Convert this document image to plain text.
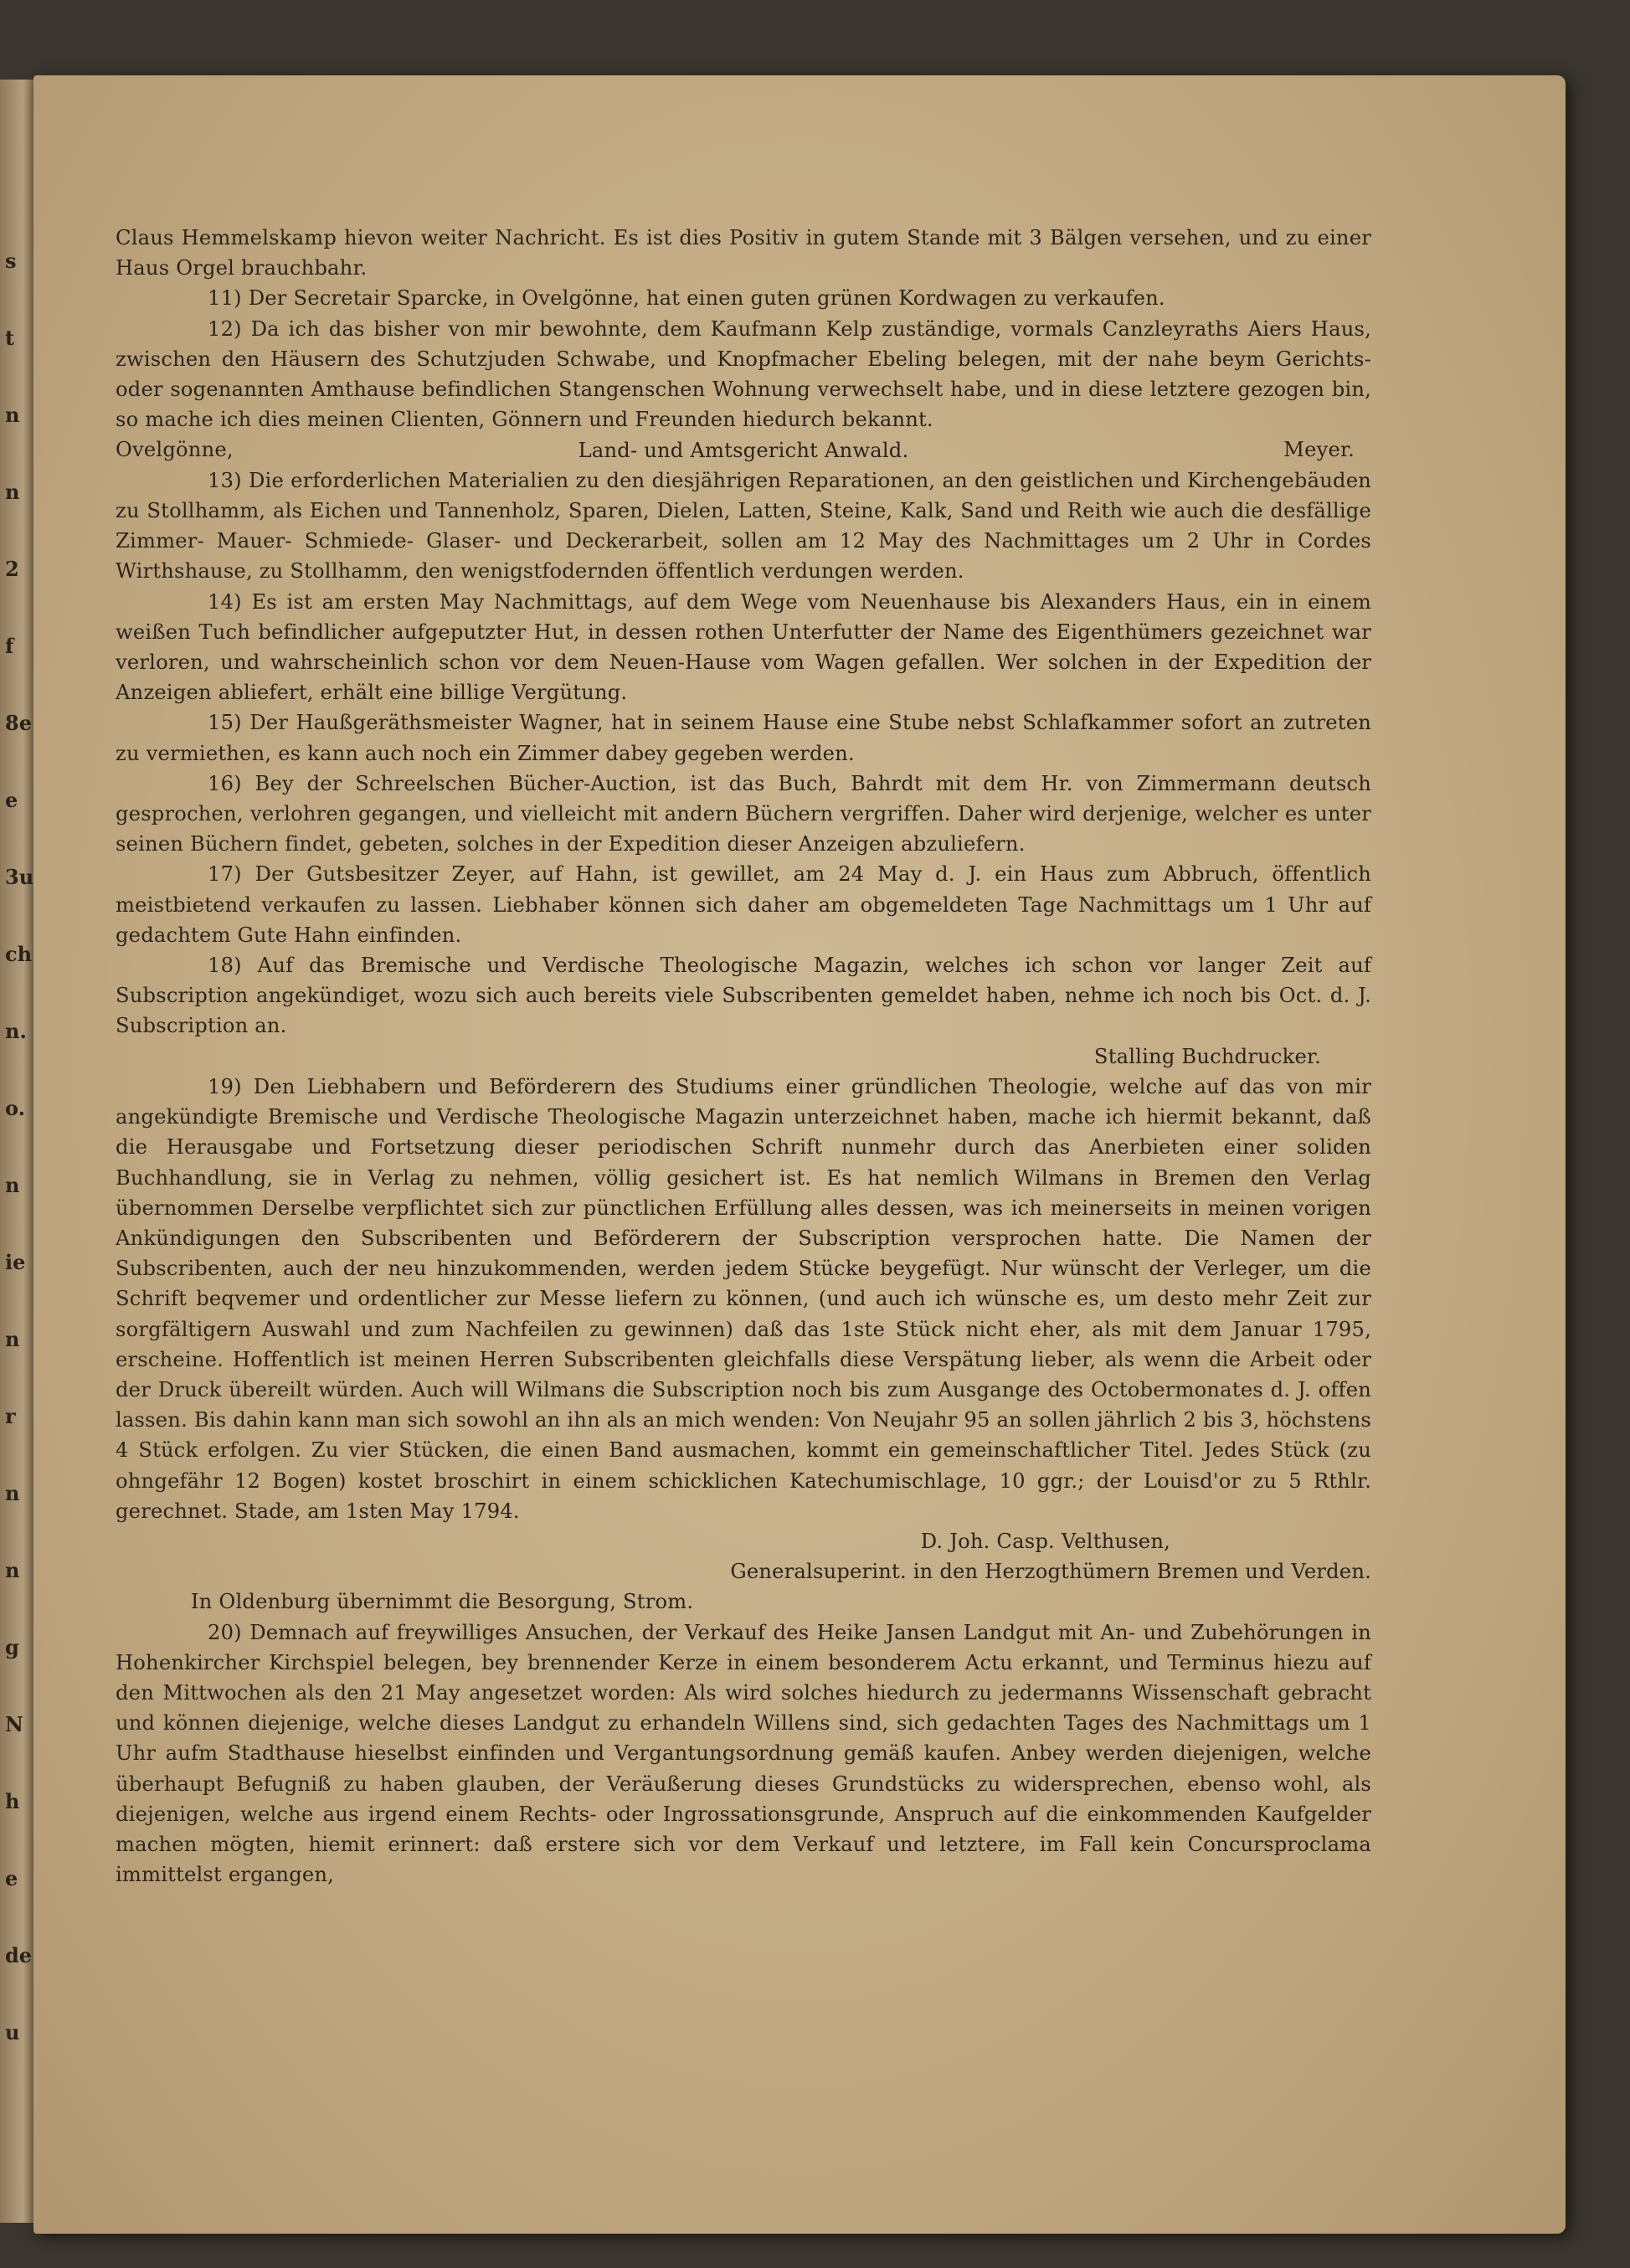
s
t
n
n
2
f
8e
e
3u
ch
n.
o.
n
ie
n
r
n
n
g
N
h
e
de
u

Claus Hemmelskamp hievon weiter Nachricht. Es ist dies Positiv in gutem Stande mit 3 Bälgen versehen, und zu einer Haus Orgel brauchbahr.

11) Der Secretair Sparcke, in Ovelgönne, hat einen guten grünen Kordwagen zu verkaufen.

12) Da ich das bisher von mir bewohnte, dem Kaufmann Kelp zuständige, vormals Canzleyraths Aiers Haus, zwischen den Häusern des Schutzjuden Schwabe, und Knopfmacher Ebeling belegen, mit der nahe beym Gerichts- oder sogenannten Amthause befindlichen Stangenschen Wohnung verwechselt habe, und in diese letztere gezogen bin, so mache ich dies meinen Clienten, Gönnern und Freunden hiedurch bekannt.

Ovelgönne,	Meyer.

Land- und Amtsgericht Anwald.

13) Die erforderlichen Materialien zu den diesjährigen Reparationen, an den geistlichen und Kirchengebäuden zu Stollhamm, als Eichen und Tannenholz, Sparen, Dielen, Latten, Steine, Kalk, Sand und Reith wie auch die desfällige Zimmer- Mauer- Schmiede- Glaser- und Deckerarbeit, sollen am 12 May des Nachmittages um 2 Uhr in Cordes Wirthshause, zu Stollhamm, den wenigstfodernden öffentlich verdungen werden.

14) Es ist am ersten May Nachmittags, auf dem Wege vom Neuenhause bis Alexanders Haus, ein in einem weißen Tuch befindlicher aufgeputzter Hut, in dessen rothen Unterfutter der Name des Eigenthümers gezeichnet war verloren, und wahrscheinlich schon vor dem Neuen-Hause vom Wagen gefallen. Wer solchen in der Expedition der Anzeigen abliefert, erhält eine billige Vergütung.

15) Der Haußgeräthsmeister Wagner, hat in seinem Hause eine Stube nebst Schlafkammer sofort an zutreten zu vermiethen, es kann auch noch ein Zimmer dabey gegeben werden.

16) Bey der Schreelschen Bücher-Auction, ist das Buch, Bahrdt mit dem Hr. von Zimmermann deutsch gesprochen, verlohren gegangen, und vielleicht mit andern Büchern vergriffen. Daher wird derjenige, welcher es unter seinen Büchern findet, gebeten, solches in der Expedition dieser Anzeigen abzuliefern.

17) Der Gutsbesitzer Zeyer, auf Hahn, ist gewillet, am 24 May d. J. ein Haus zum Abbruch, öffentlich meistbietend verkaufen zu lassen. Liebhaber können sich daher am obgemeldeten Tage Nachmittags um 1 Uhr auf gedachtem Gute Hahn einfinden.

18) Auf das Bremische und Verdische Theologische Magazin, welches ich schon vor langer Zeit auf Subscription angekündiget, wozu sich auch bereits viele Subscribenten gemeldet haben, nehme ich noch bis Oct. d. J. Subscription an.

Stalling Buchdrucker.

19) Den Liebhabern und Beförderern des Studiums einer gründlichen Theologie, welche auf das von mir angekündigte Bremische und Verdische Theologische Magazin unterzeichnet haben, mache ich hiermit bekannt, daß die Herausgabe und Fortsetzung dieser periodischen Schrift nunmehr durch das Anerbieten einer soliden Buchhandlung, sie in Verlag zu nehmen, völlig gesichert ist. Es hat nemlich Wilmans in Bremen den Verlag übernommen Derselbe verpflichtet sich zur pünctlichen Erfüllung alles dessen, was ich meinerseits in meinen vorigen Ankündigungen den Subscribenten und Beförderern der Subscription versprochen hatte. Die Namen der Subscribenten, auch der neu hinzukommenden, werden jedem Stücke beygefügt. Nur wünscht der Verleger, um die Schrift beqvemer und ordentlicher zur Messe liefern zu können, (und auch ich wünsche es, um desto mehr Zeit zur sorgfältigern Auswahl und zum Nachfeilen zu gewinnen) daß das 1ste Stück nicht eher, als mit dem Januar 1795, erscheine. Hoffentlich ist meinen Herren Subscribenten gleichfalls diese Verspätung lieber, als wenn die Arbeit oder der Druck übereilt würden. Auch will Wilmans die Subscription noch bis zum Ausgange des Octobermonates d. J. offen lassen. Bis dahin kann man sich sowohl an ihn als an mich wenden: Von Neujahr 95 an sollen jährlich 2 bis 3, höchstens 4 Stück erfolgen. Zu vier Stücken, die einen Band ausmachen, kommt ein gemeinschaftlicher Titel. Jedes Stück (zu ohngefähr 12 Bogen) kostet broschirt in einem schicklichen Katechumischlage, 10 ggr.; der Louisd'or zu 5 Rthlr. gerechnet. Stade, am 1sten May 1794.

D. Joh. Casp. Velthusen,

Generalsuperint. in den Herzogthümern Bremen und Verden.

In Oldenburg übernimmt die Besorgung, Strom.

20) Demnach auf freywilliges Ansuchen, der Verkauf des Heike Jansen Landgut mit An- und Zubehörungen in Hohenkircher Kirchspiel belegen, bey brennender Kerze in einem besonderem Actu erkannt, und Terminus hiezu auf den Mittwochen als den 21 May angesetzet worden: Als wird solches hiedurch zu jedermanns Wissenschaft gebracht und können diejenige, welche dieses Landgut zu erhandeln Willens sind, sich gedachten Tages des Nachmittags um 1 Uhr aufm Stadthause hieselbst einfinden und Vergantungsordnung gemäß kaufen. Anbey werden diejenigen, welche überhaupt Befugniß zu haben glauben, der Veräußerung dieses Grundstücks zu widersprechen, ebenso wohl, als diejenigen, welche aus irgend einem Rechts- oder Ingrossationsgrunde, Anspruch auf die einkommenden Kaufgelder machen mögten, hiemit erinnert: daß erstere sich vor dem Verkauf und letztere, im Fall kein Concursproclama immittelst ergangen,
